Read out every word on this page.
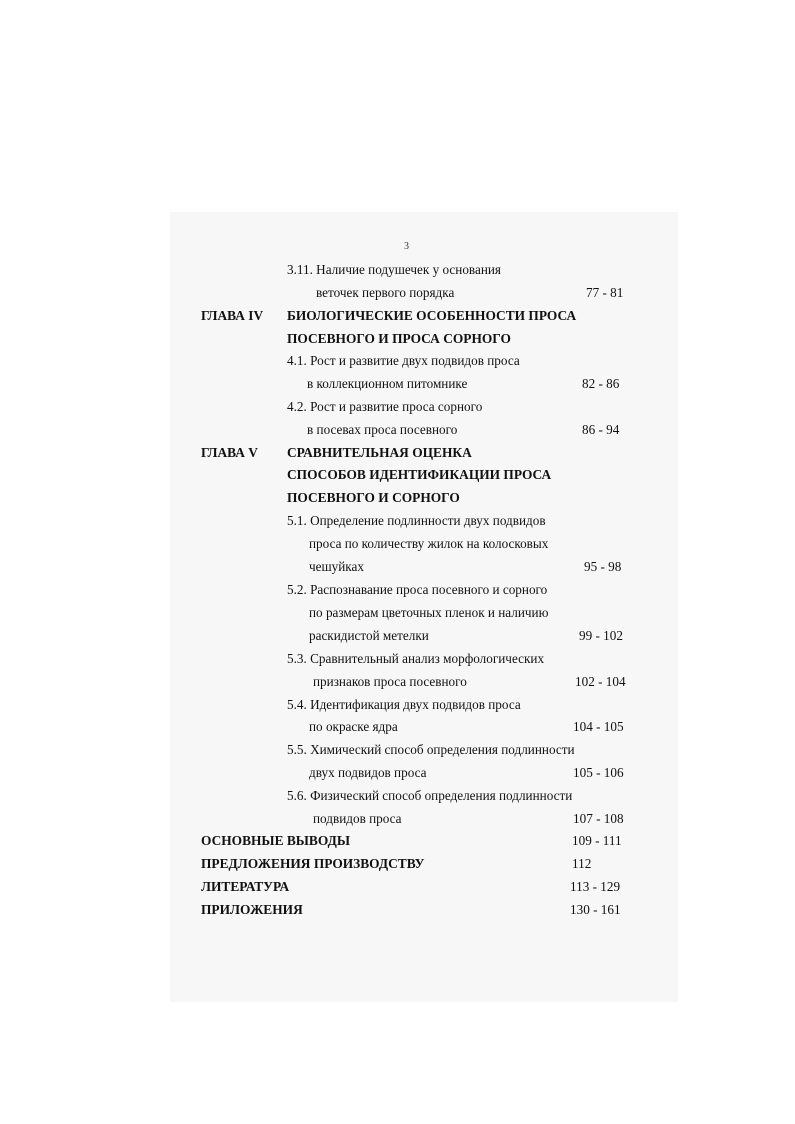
3
3.11. Наличие подушечек у основания
веточек первого порядка	77 - 81
ГЛАВА IV БИОЛОГИЧЕСКИЕ ОСОБЕННОСТИ ПРОСА
ПОСЕВНОГО И ПРОСА СОРНОГО
4.1. Рост и развитие двух подвидов проса
в коллекционном питомнике	82 - 86
4.2. Рост и развитие проса сорного
в посевах проса посевного	86 - 94
ГЛАВА V СРАВНИТЕЛЬНАЯ ОЦЕНКА
СПОСОБОВ ИДЕНТИФИКАЦИИ ПРОСА
ПОСЕВНОГО И СОРНОГО
5.1. Определение подлинности двух подвидов
проса по количеству жилок на колосковых
чешуйках	95 - 98
5.2. Распознавание проса посевного и сорного
по размерам цветочных пленок и наличию
раскидистой метелки	99 - 102
5.3. Сравнительный анализ морфологических
признаков проса посевного	102 - 104
5.4. Идентификация двух подвидов проса
по окраске ядра	104 - 105
5.5. Химический способ определения подлинности
двух подвидов проса	105 - 106
5.6. Физический способ определения подлинности
подвидов проса	107 - 108
ОСНОВНЫЕ ВЫВОДЫ	109 - 111
ПРЕДЛОЖЕНИЯ ПРОИЗВОДСТВУ	112
ЛИТЕРАТУРА	113 - 129
ПРИЛОЖЕНИЯ	130 - 161
